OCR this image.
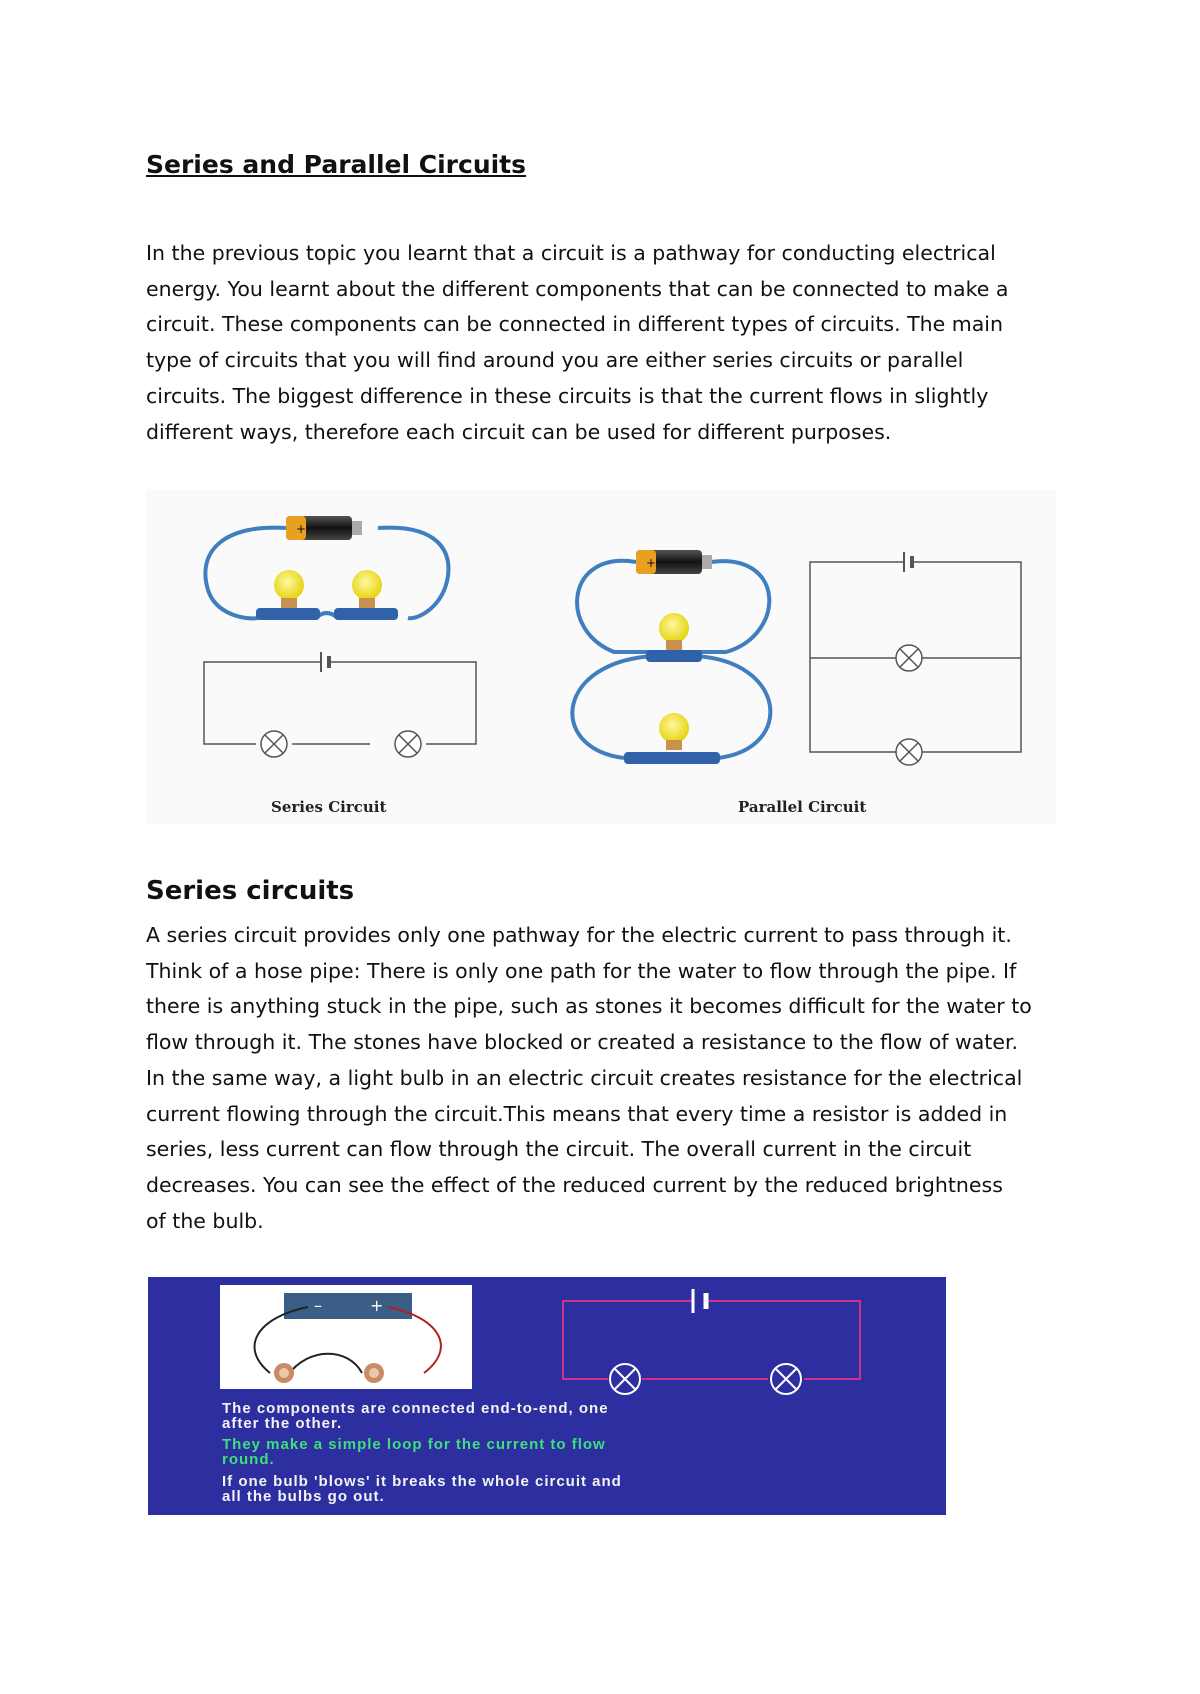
Series and Parallel Circuits
In the previous topic you learnt that a circuit is a pathway for conducting electrical
energy. You learnt about the different components that can be connected to make a
circuit. These components can be connected in different types of circuits. The main
type of circuits that you will find around you are either series circuits or parallel
circuits. The biggest difference in these circuits is that the current flows in slightly
different ways, therefore each circuit can be used for different purposes.
+
Series Circuit
+
Parallel Circuit
Series circuits
A series circuit provides only one pathway for the electric current to pass through it.
Think of a hose pipe: There is only one path for the water to flow through the pipe. If
there is anything stuck in the pipe, such as stones it becomes difficult for the water to
flow through it. The stones have blocked or created a resistance to the flow of water.
In the same way, a light bulb in an electric circuit creates resistance for the electrical
current flowing through the circuit.This means that every time a resistor is added in
series, less current can flow through the circuit. The overall current in the circuit
decreases. You can see the effect of the reduced current by the reduced brightness
of the bulb.
–	+
The components are connected end-to-end, one
after the other.
They make a simple loop for the current to flow
round.
If one bulb 'blows' it breaks the whole circuit and
all the bulbs go out.
